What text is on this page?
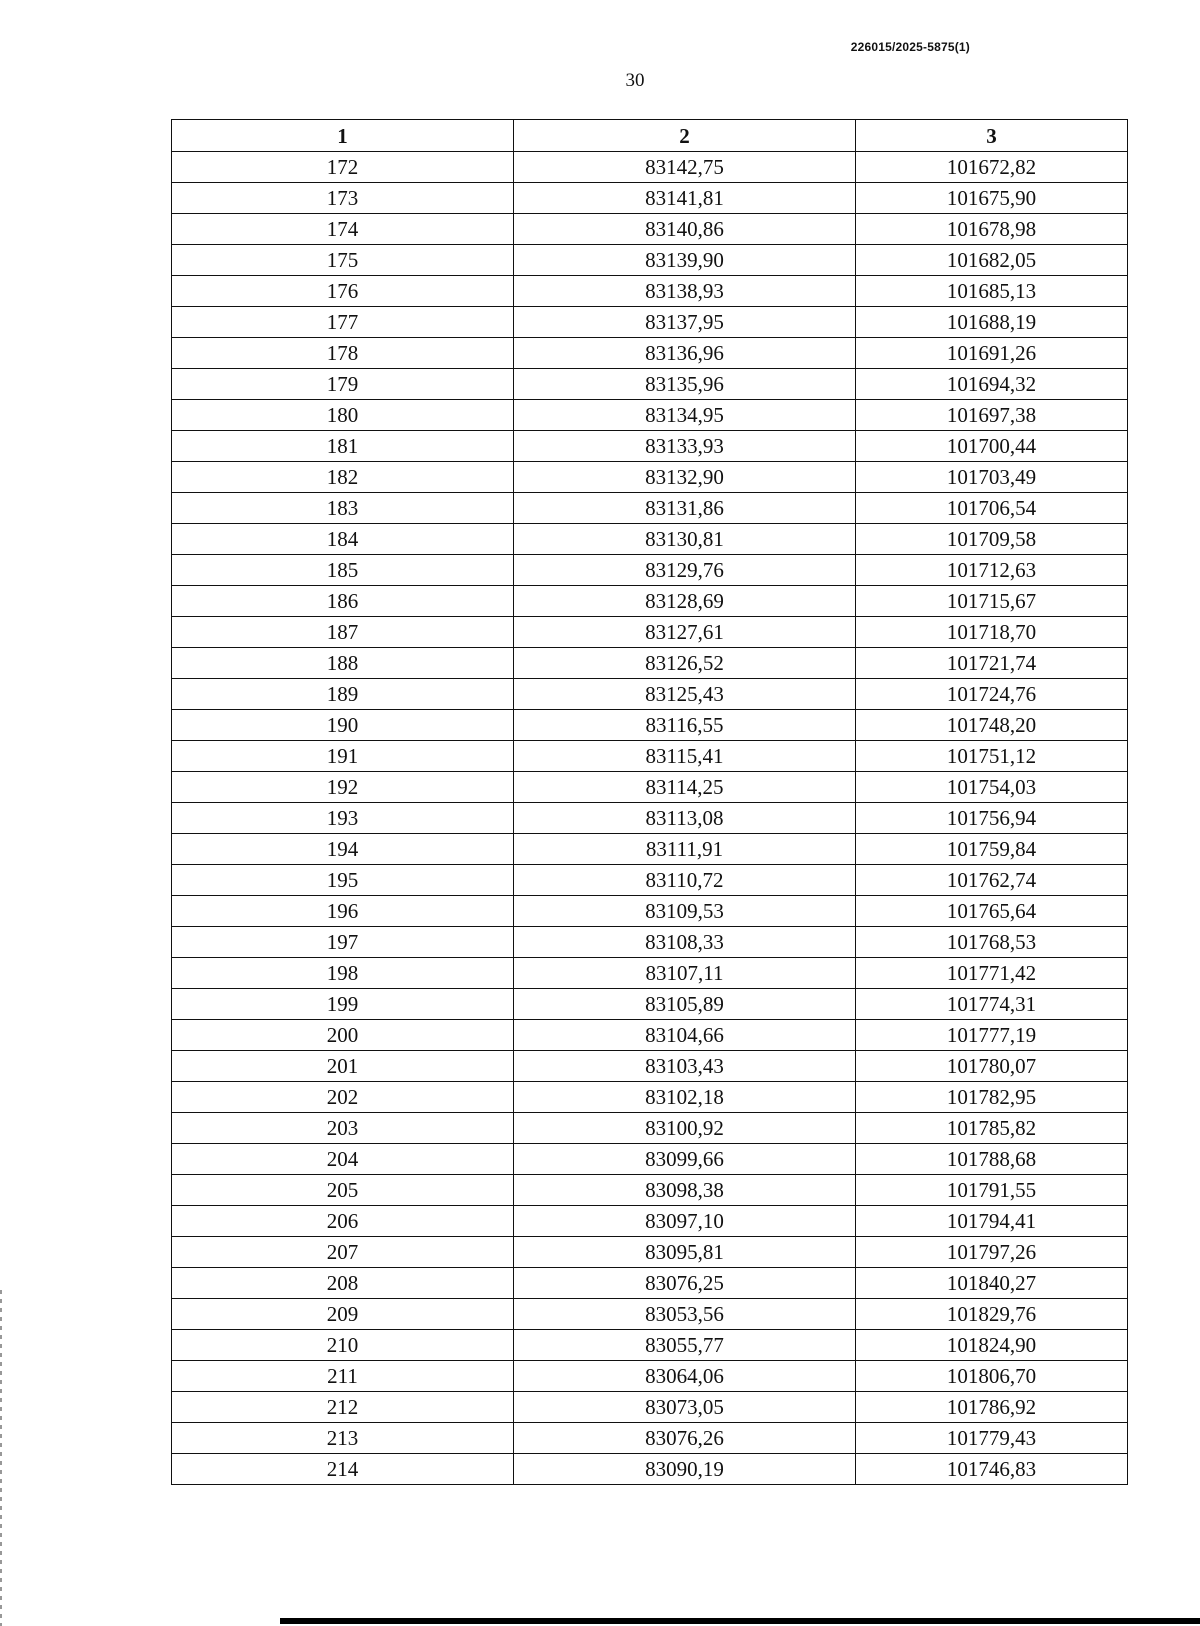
226015/2025-5875(1)
30
1	2	3
172	83142,75	101672,82
173	83141,81	101675,90
174	83140,86	101678,98
175	83139,90	101682,05
176	83138,93	101685,13
177	83137,95	101688,19
178	83136,96	101691,26
179	83135,96	101694,32
180	83134,95	101697,38
181	83133,93	101700,44
182	83132,90	101703,49
183	83131,86	101706,54
184	83130,81	101709,58
185	83129,76	101712,63
186	83128,69	101715,67
187	83127,61	101718,70
188	83126,52	101721,74
189	83125,43	101724,76
190	83116,55	101748,20
191	83115,41	101751,12
192	83114,25	101754,03
193	83113,08	101756,94
194	83111,91	101759,84
195	83110,72	101762,74
196	83109,53	101765,64
197	83108,33	101768,53
198	83107,11	101771,42
199	83105,89	101774,31
200	83104,66	101777,19
201	83103,43	101780,07
202	83102,18	101782,95
203	83100,92	101785,82
204	83099,66	101788,68
205	83098,38	101791,55
206	83097,10	101794,41
207	83095,81	101797,26
208	83076,25	101840,27
209	83053,56	101829,76
210	83055,77	101824,90
211	83064,06	101806,70
212	83073,05	101786,92
213	83076,26	101779,43
214	83090,19	101746,83
